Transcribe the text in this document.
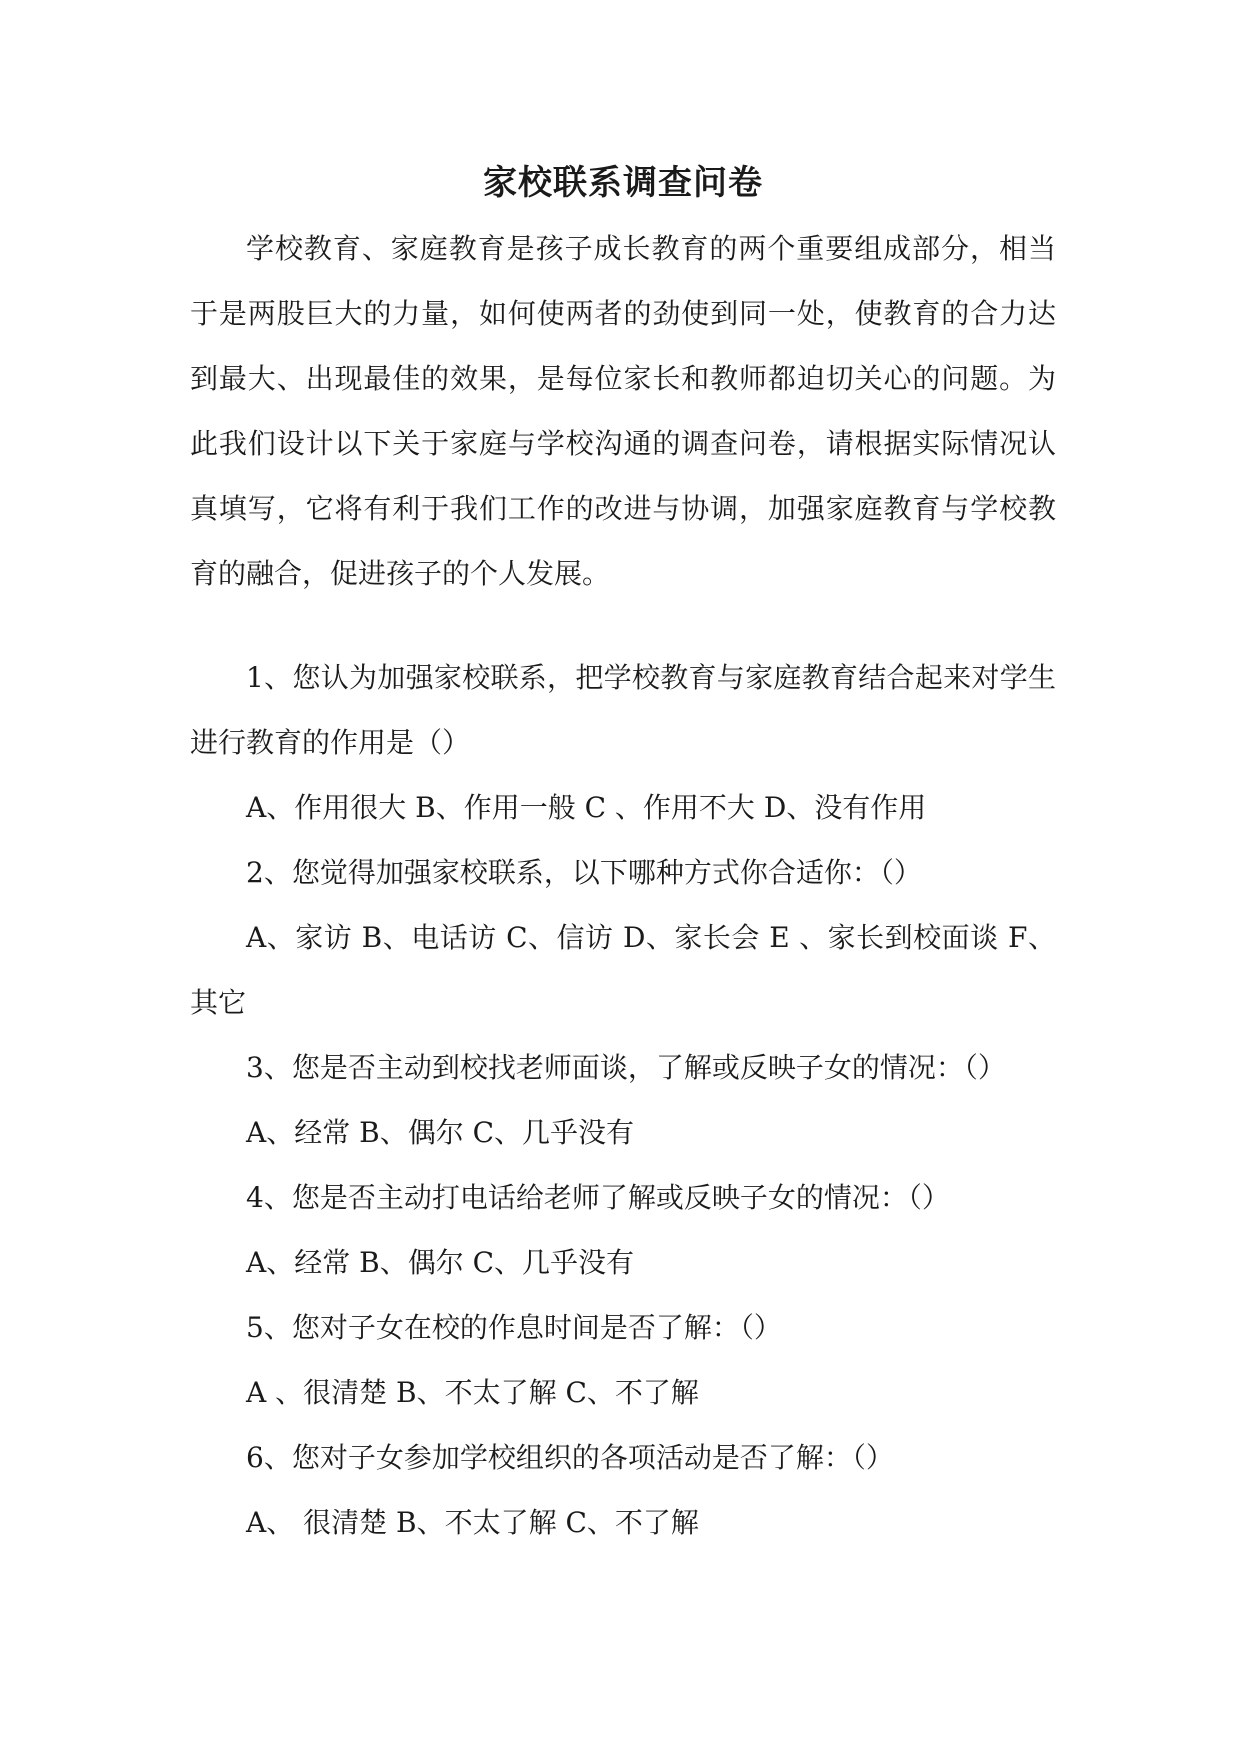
家校联系调查问卷

学校教育、家庭教育是孩子成长教育的两个重要组成部分，相当于是两股巨大的力量，如何使两者的劲使到同一处，使教育的合力达到最大、出现最佳的效果，是每位家长和教师都迫切关心的问题。为此我们设计以下关于家庭与学校沟通的调查问卷，请根据实际情况认真填写，它将有利于我们工作的改进与协调，加强家庭教育与学校教育的融合，促进孩子的个人发展。

1、您认为加强家校联系，把学校教育与家庭教育结合起来对学生进行教育的作用是（）

A、作用很大 B、作用一般 C 、作用不大 D、没有作用

2、您觉得加强家校联系，以下哪种方式你合适你：（）

A、家访 B、电话访 C、信访 D、家长会 E 、家长到校面谈 F、其它

3、您是否主动到校找老师面谈，了解或反映子女的情况：（）

A、经常 B、偶尔 C、几乎没有

4、您是否主动打电话给老师了解或反映子女的情况：（）

A、经常 B、偶尔 C、几乎没有

5、您对子女在校的作息时间是否了解：（）

A 、很清楚 B、不太了解 C、不了解

6、您对子女参加学校组织的各项活动是否了解：（）

A、 很清楚 B、不太了解 C、不了解
